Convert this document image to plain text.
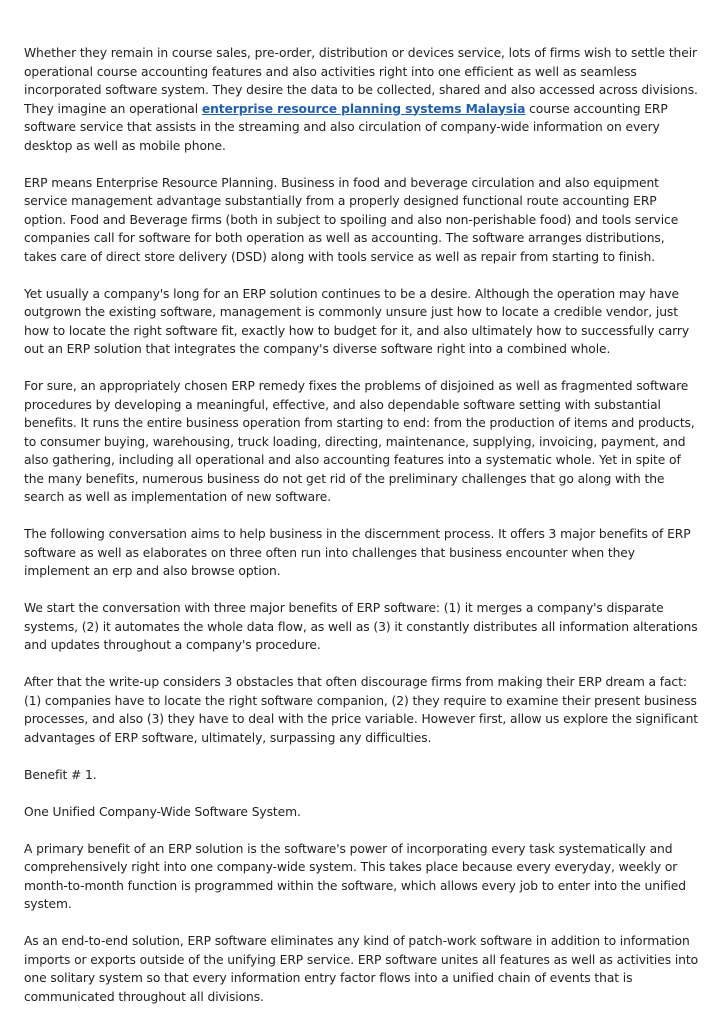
Whether they remain in course sales, pre-order, distribution or devices service, lots of firms wish to settle their operational course accounting features and also activities right into one efficient as well as seamless incorporated software system. They desire the data to be collected, shared and also accessed across divisions. They imagine an operational enterprise resource planning systems Malaysia course accounting ERP software service that assists in the streaming and also circulation of company-wide information on every desktop as well as mobile phone.

ERP means Enterprise Resource Planning. Business in food and beverage circulation and also equipment service management advantage substantially from a properly designed functional route accounting ERP option. Food and Beverage firms (both in subject to spoiling and also non-perishable food) and tools service companies call for software for both operation as well as accounting. The software arranges distributions, takes care of direct store delivery (DSD) along with tools service as well as repair from starting to finish.

Yet usually a company's long for an ERP solution continues to be a desire. Although the operation may have outgrown the existing software, management is commonly unsure just how to locate a credible vendor, just how to locate the right software fit, exactly how to budget for it, and also ultimately how to successfully carry out an ERP solution that integrates the company's diverse software right into a combined whole.

For sure, an appropriately chosen ERP remedy fixes the problems of disjoined as well as fragmented software procedures by developing a meaningful, effective, and also dependable software setting with substantial benefits. It runs the entire business operation from starting to end: from the production of items and products, to consumer buying, warehousing, truck loading, directing, maintenance, supplying, invoicing, payment, and also gathering, including all operational and also accounting features into a systematic whole. Yet in spite of the many benefits, numerous business do not get rid of the preliminary challenges that go along with the search as well as implementation of new software.

The following conversation aims to help business in the discernment process. It offers 3 major benefits of ERP software as well as elaborates on three often run into challenges that business encounter when they implement an erp and also browse option.

We start the conversation with three major benefits of ERP software: (1) it merges a company's disparate systems, (2) it automates the whole data flow, as well as (3) it constantly distributes all information alterations and updates throughout a company's procedure.

After that the write-up considers 3 obstacles that often discourage firms from making their ERP dream a fact: (1) companies have to locate the right software companion, (2) they require to examine their present business processes, and also (3) they have to deal with the price variable. However first, allow us explore the significant advantages of ERP software, ultimately, surpassing any difficulties.

Benefit # 1.

One Unified Company-Wide Software System.

A primary benefit of an ERP solution is the software's power of incorporating every task systematically and comprehensively right into one company-wide system. This takes place because every everyday, weekly or month-to-month function is programmed within the software, which allows every job to enter into the unified system.

As an end-to-end solution, ERP software eliminates any kind of patch-work software in addition to information imports or exports outside of the unifying ERP service. ERP software unites all features as well as activities into one solitary system so that every information entry factor flows into a unified chain of events that is communicated throughout all divisions.
